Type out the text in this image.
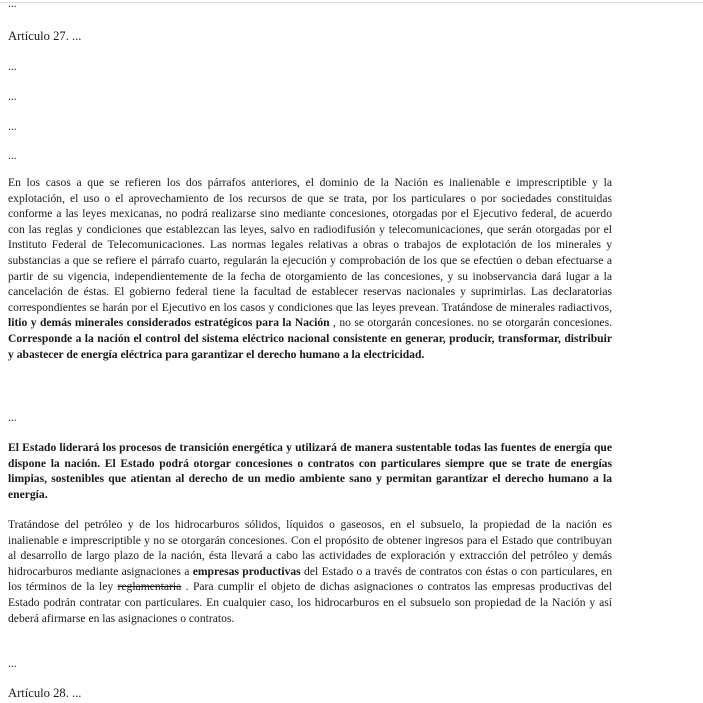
...

Artículo 27. ...

...

...

...

...

En los casos a que se refieren los dos párrafos anteriores, el dominio de la Nación es inalienable e imprescriptible y la explotación, el uso o el aprovechamiento de los recursos de que se trata, por los particulares o por sociedades constituidas conforme a las leyes mexicanas, no podrá realizarse sino mediante concesiones, otorgadas por el Ejecutivo federal, de acuerdo con las reglas y condiciones que establezcan las leyes, salvo en radiodifusión y telecomunicaciones, que serán otorgadas por el Instituto Federal de Telecomunicaciones. Las normas legales relativas a obras o trabajos de explotación de los minerales y substancias a que se refiere el párrafo cuarto, regularán la ejecución y comprobación de los que se efectúen o deban efectuarse a partir de su vigencia, independientemente de la fecha de otorgamiento de las concesiones, y su inobservancia dará lugar a la cancelación de éstas. El gobierno federal tiene la facultad de establecer reservas nacionales y suprimirlas. Las declaratorias correspondientes se harán por el Ejecutivo en los casos y condiciones que las leyes prevean. Tratándose de minerales radiactivos, litio y demás minerales considerados estratégicos para la Nación , no se otorgarán concesiones. no se otorgarán concesiones. Corresponde a la nación el control del sistema eléctrico nacional consistente en generar, producir, transformar, distribuir y abastecer de energía eléctrica para garantizar el derecho humano a la electricidad.

...

El Estado liderará los procesos de transición energética y utilizará de manera sustentable todas las fuentes de energía que dispone la nación. El Estado podrá otorgar concesiones o contratos con particulares siempre que se trate de energías limpias, sostenibles que atientan al derecho de un medio ambiente sano y permitan garantizar el derecho humano a la energía.

Tratándose del petróleo y de los hidrocarburos sólidos, líquidos o gaseosos, en el subsuelo, la propiedad de la nación es inalienable e imprescriptible y no se otorgarán concesiones. Con el propósito de obtener ingresos para el Estado que contribuyan al desarrollo de largo plazo de la nación, ésta llevará a cabo las actividades de exploración y extracción del petróleo y demás hidrocarburos mediante asignaciones a empresas productivas del Estado o a través de contratos con éstas o con particulares, en los términos de la ley reglamentaria . Para cumplir el objeto de dichas asignaciones o contratos las empresas productivas del Estado podrán contratar con particulares. En cualquier caso, los hidrocarburos en el subsuelo son propiedad de la Nación y así deberá afirmarse en las asignaciones o contratos.

...

Artículo 28. ...
